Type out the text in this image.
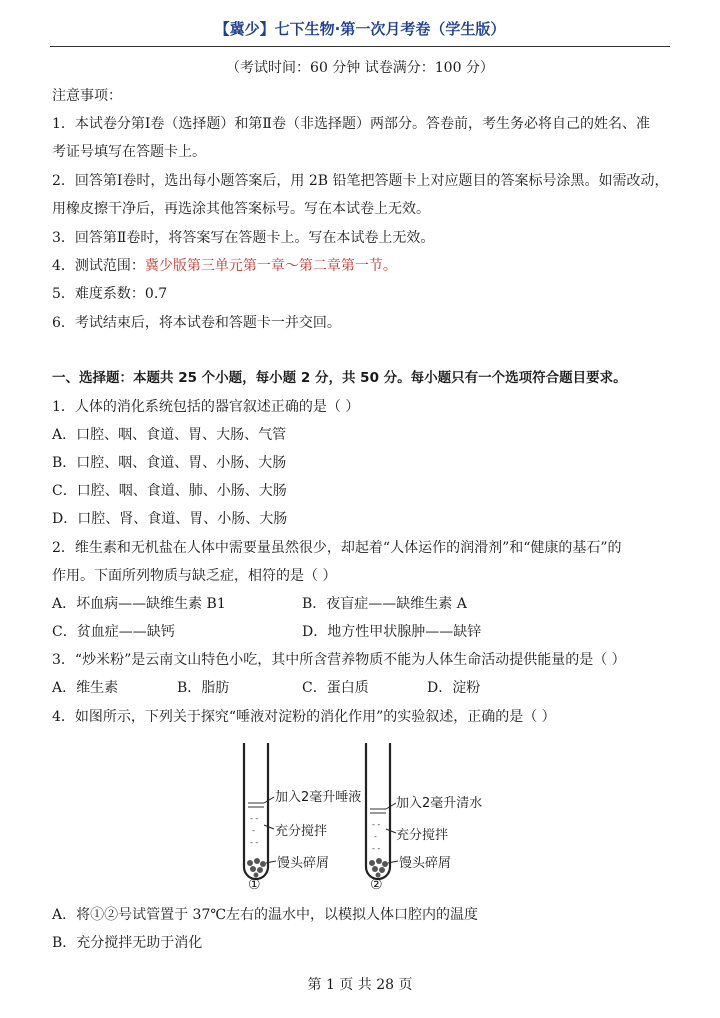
【冀少】七下生物·第一次月考卷（学生版）
（考试时间：60 分钟 试卷满分：100 分）
注意事项：
1．本试卷分第Ⅰ卷（选择题）和第Ⅱ卷（非选择题）两部分。答卷前，考生务必将自己的姓名、准
考证号填写在答题卡上。
2．回答第Ⅰ卷时，选出每小题答案后，用 2B 铅笔把答题卡上对应题目的答案标号涂黑。如需改动，
用橡皮擦干净后，再选涂其他答案标号。写在本试卷上无效。
3．回答第Ⅱ卷时，将答案写在答题卡上。写在本试卷上无效。
4．测试范围：冀少版第三单元第一章～第二章第一节。
5．难度系数：0.7
6．考试结束后，将本试卷和答题卡一并交回。
一、选择题：本题共 25 个小题，每小题 2 分，共 50 分。每小题只有一个选项符合题目要求。
1．人体的消化系统包括的器官叙述正确的是（ ）
A．口腔、咽、食道、胃、大肠、气管
B．口腔、咽、食道、胃、小肠、大肠
C．口腔、咽、食道、肺、小肠、大肠
D．口腔、肾、食道、胃、小肠、大肠
2．维生素和无机盐在人体中需要量虽然很少，却起着“人体运作的润滑剂”和“健康的基石”的
作用。下面所列物质与缺乏症，相符的是（ ）
A．坏血病——缺维生素 B1	B．夜盲症——缺维生素 A
C．贫血症——缺钙	D．地方性甲状腺肿——缺锌
3．“炒米粉”是云南文山特色小吃，其中所含营养物质不能为人体生命活动提供能量的是（ ）
A．维生素	B．脂肪	C．蛋白质	D．淀粉
4．如图所示，下列关于探究“唾液对淀粉的消化作用”的实验叙述，正确的是（ ）
- -
-
- -
- -
-
- -
加入2毫升唾液
充分搅拌
馒头碎屑
①
加入2毫升清水
充分搅拌
馒头碎屑
②
A．将①②号试管置于 37℃左右的温水中，以模拟人体口腔内的温度
B．充分搅拌无助于消化
第 1 页 共 28 页
